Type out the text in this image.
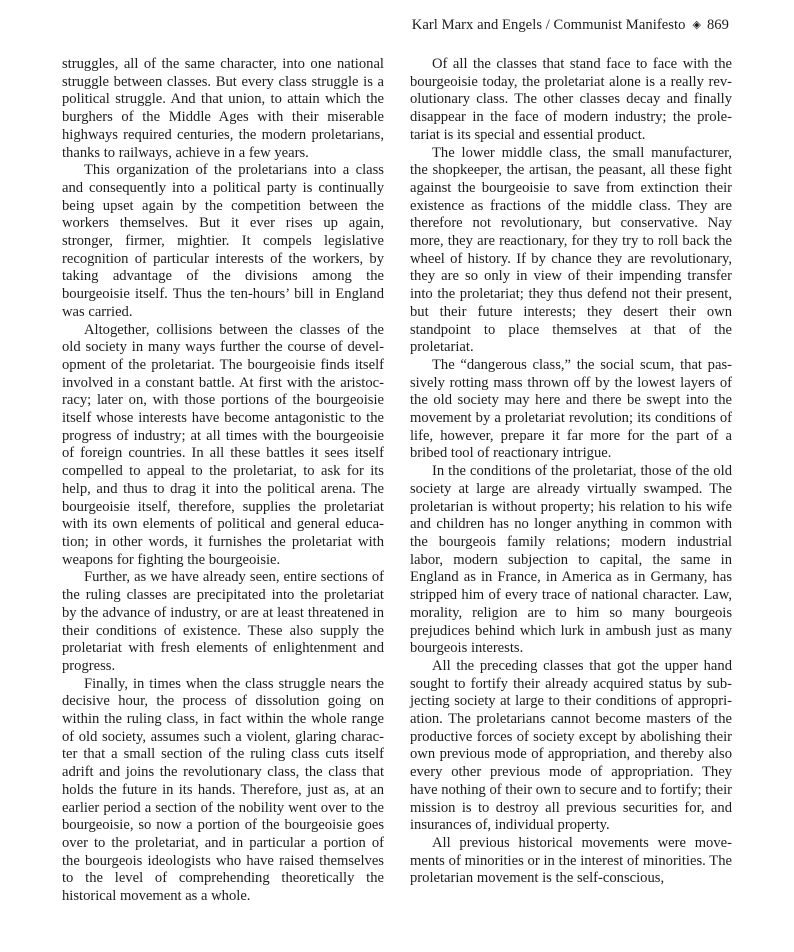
Karl Marx and Engels / Communist Manifesto ◈ 869

struggles, all of the same character, into one national struggle between classes. But every class struggle is a political struggle. And that union, to attain which the burghers of the Middle Ages with their miserable highways required centuries, the modern proletarians, thanks to railways, achieve in a few years.

This organization of the proletarians into a class and consequently into a political party is continually being upset again by the competition between the workers themselves. But it ever rises up again, stronger, firmer, mightier. It compels legislative recognition of particular interests of the workers, by taking advantage of the divisions among the bourgeoisie itself. Thus the ten-hours’ bill in England was carried.

Altogether, collisions between the classes of the old society in many ways further the course of development of the proletariat. The bourgeoisie finds itself involved in a constant battle. At first with the aristocracy; later on, with those portions of the bourgeoisie itself whose interests have become antagonistic to the progress of industry; at all times with the bourgeoisie of foreign countries. In all these battles it sees itself compelled to appeal to the proletariat, to ask for its help, and thus to drag it into the political arena. The bourgeoisie itself, therefore, supplies the proletariat with its own elements of political and general education; in other words, it furnishes the proletariat with weapons for fighting the bourgeoisie.

Further, as we have already seen, entire sections of the ruling classes are precipitated into the proletariat by the advance of industry, or are at least threatened in their conditions of existence. These also supply the proletariat with fresh elements of enlightenment and progress.

Finally, in times when the class struggle nears the decisive hour, the process of dissolution going on within the ruling class, in fact within the whole range of old society, assumes such a violent, glaring character that a small section of the ruling class cuts itself adrift and joins the revolutionary class, the class that holds the future in its hands. Therefore, just as, at an earlier period a section of the nobility went over to the bourgeoisie, so now a portion of the bourgeoisie goes over to the proletariat, and in particular a portion of the bourgeois ideologists who have raised themselves to the level of comprehending theoretically the historical movement as a whole.

Of all the classes that stand face to face with the bourgeoisie today, the proletariat alone is a really revolutionary class. The other classes decay and finally disappear in the face of modern industry; the proletariat is its special and essential product.

The lower middle class, the small manufacturer, the shopkeeper, the artisan, the peasant, all these fight against the bourgeoisie to save from extinction their existence as fractions of the middle class. They are therefore not revolutionary, but conservative. Nay more, they are reactionary, for they try to roll back the wheel of history. If by chance they are revolutionary, they are so only in view of their impending transfer into the proletariat; they thus defend not their present, but their future interests; they desert their own standpoint to place themselves at that of the proletariat.

The “dangerous class,” the social scum, that passively rotting mass thrown off by the lowest layers of the old society may here and there be swept into the movement by a proletariat revolution; its conditions of life, however, prepare it far more for the part of a bribed tool of reactionary intrigue.

In the conditions of the proletariat, those of the old society at large are already virtually swamped. The proletarian is without property; his relation to his wife and children has no longer anything in common with the bourgeois family relations; modern industrial labor, modern subjection to capital, the same in England as in France, in America as in Germany, has stripped him of every trace of national character. Law, morality, religion are to him so many bourgeois prejudices behind which lurk in ambush just as many bourgeois interests.

All the preceding classes that got the upper hand sought to fortify their already acquired status by subjecting society at large to their conditions of appropriation. The proletarians cannot become masters of the productive forces of society except by abolishing their own previous mode of appropriation, and thereby also every other previous mode of appropriation. They have nothing of their own to secure and to fortify; their mission is to destroy all previous securities for, and insurances of, individual property.

All previous historical movements were movements of minorities or in the interest of minorities. The proletarian movement is the self-conscious,
